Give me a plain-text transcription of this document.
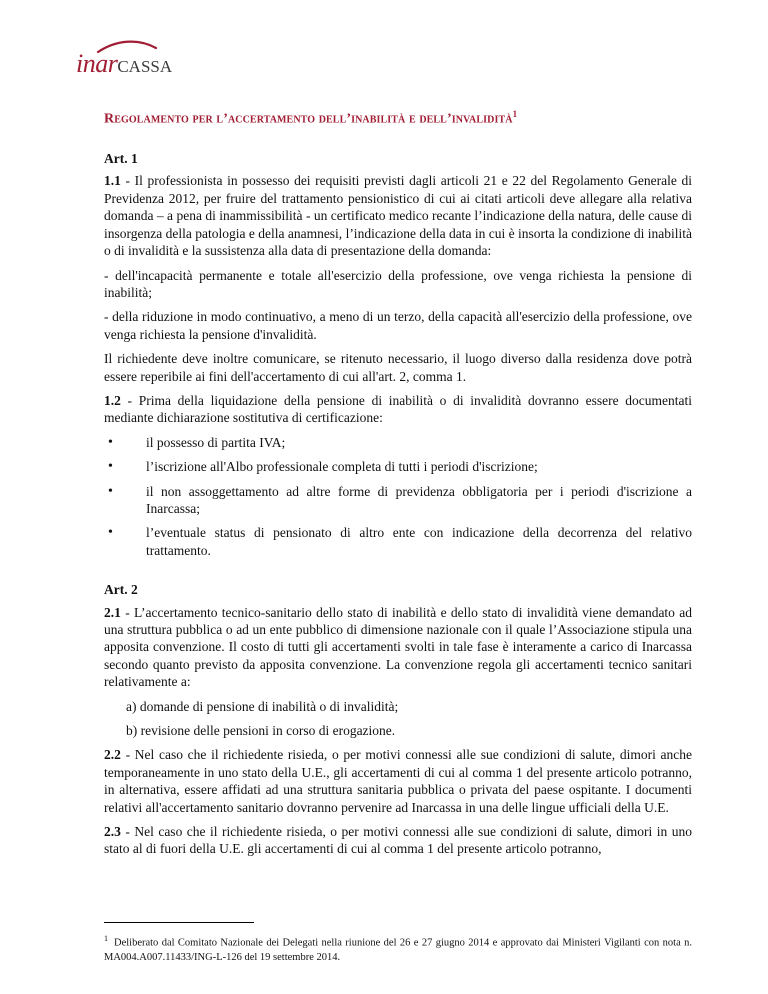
inarcassa
Regolamento per l’accertamento dell’inabilità e dell’invalidità$^1$
Art. 1

1.1 - Il professionista in possesso dei requisiti previsti dagli articoli 21 e 22 del Regolamento Generale di Previdenza 2012, per fruire del trattamento pensionistico di cui ai citati articoli deve allegare alla relativa domanda – a pena di inammissibilità - un certificato medico recante l’indicazione della natura, delle cause di insorgenza della patologia e della anamnesi, l’indicazione della data in cui è insorta la condizione di inabilità o di invalidità e la sussistenza alla data di presentazione della domanda:

- dell'incapacità permanente e totale all'esercizio della professione, ove venga richiesta la pensione di inabilità;

- della riduzione in modo continuativo, a meno di un terzo, della capacità all'esercizio della professione, ove venga richiesta la pensione d'invalidità.

Il richiedente deve inoltre comunicare, se ritenuto necessario, il luogo diverso dalla residenza dove potrà essere reperibile ai fini dell'accertamento di cui all'art. 2, comma 1.

1.2 - Prima della liquidazione della pensione di inabilità o di invalidità dovranno essere documentati mediante dichiarazione sostitutiva di certificazione:

• il possesso di partita IVA;
• l’iscrizione all'Albo professionale completa di tutti i periodi d'iscrizione;
• il non assoggettamento ad altre forme di previdenza obbligatoria per i periodi d'iscrizione a Inarcassa;
• l’eventuale status di pensionato di altro ente con indicazione della decorrenza del relativo trattamento.
Art. 2

2.1 - L’accertamento tecnico-sanitario dello stato di inabilità e dello stato di invalidità viene demandato ad una struttura pubblica o ad un ente pubblico di dimensione nazionale con il quale l’Associazione stipula una apposita convenzione. Il costo di tutti gli accertamenti svolti in tale fase è interamente a carico di Inarcassa secondo quanto previsto da apposita convenzione. La convenzione regola gli accertamenti tecnico sanitari relativamente a:

a) domande di pensione di inabilità o di invalidità;
b) revisione delle pensioni in corso di erogazione.

2.2 - Nel caso che il richiedente risieda, o per motivi connessi alle sue condizioni di salute, dimori anche temporaneamente in uno stato della U.E., gli accertamenti di cui al comma 1 del presente articolo potranno, in alternativa, essere affidati ad una struttura sanitaria pubblica o privata del paese ospitante. I documenti relativi all'accertamento sanitario dovranno pervenire ad Inarcassa in una delle lingue ufficiali della U.E.

2.3 - Nel caso che il richiedente risieda, o per motivi connessi alle sue condizioni di salute, dimori in uno stato al di fuori della U.E. gli accertamenti di cui al comma 1 del presente articolo potranno,

$^1$ Deliberato dal Comitato Nazionale dei Delegati nella riunione del 26 e 27 giugno 2014 e approvato dai Ministeri Vigilanti con nota n. MA004.A007.11433/ING-L-126 del 19 settembre 2014.
